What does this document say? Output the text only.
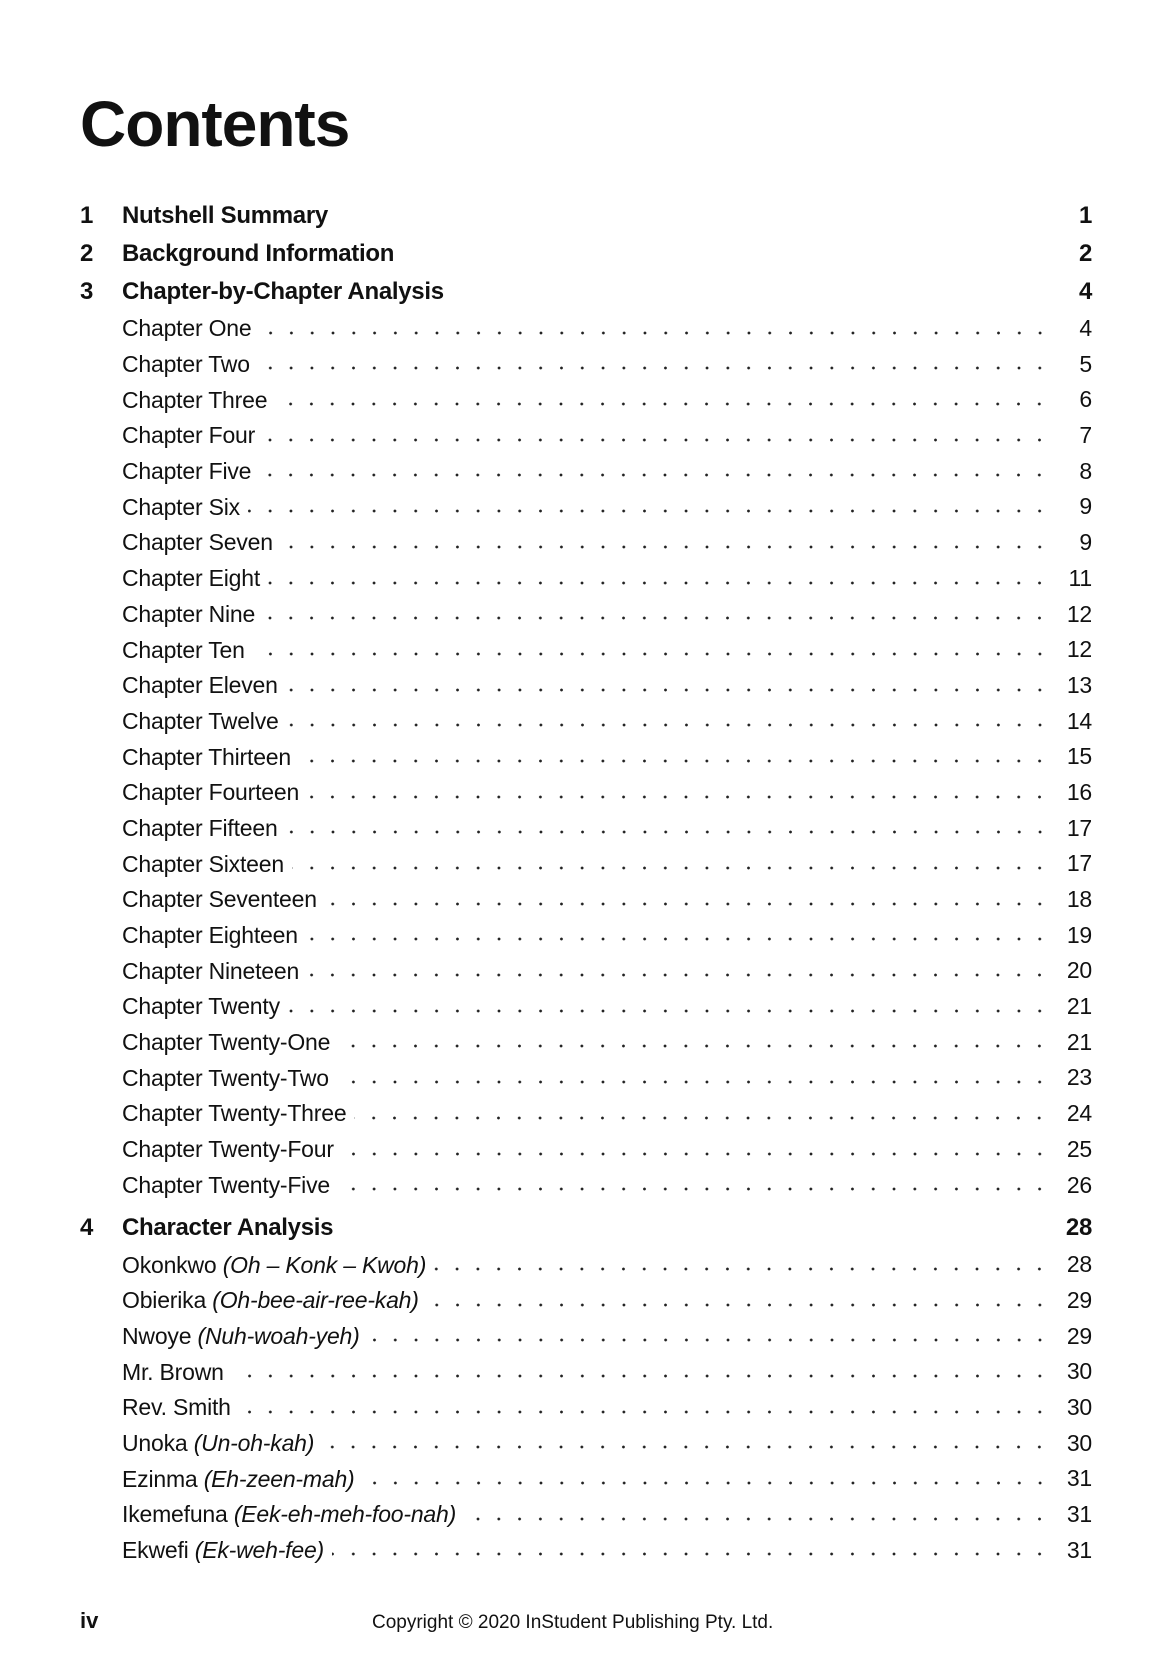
Contents
1 Nutshell Summary	1
2 Background Information	2
3 Chapter-by-Chapter Analysis	4
Chapter One	4
Chapter Two	5
Chapter Three	6
Chapter Four	7
Chapter Five	8
Chapter Six	9
Chapter Seven	9
Chapter Eight	11
Chapter Nine	12
Chapter Ten	12
Chapter Eleven	13
Chapter Twelve	14
Chapter Thirteen	15
Chapter Fourteen	16
Chapter Fifteen	17
Chapter Sixteen	17
Chapter Seventeen	18
Chapter Eighteen	19
Chapter Nineteen	20
Chapter Twenty	21
Chapter Twenty-One	21
Chapter Twenty-Two	23
Chapter Twenty-Three	24
Chapter Twenty-Four	25
Chapter Twenty-Five	26
4 Character Analysis	28
Okonkwo (Oh – Konk – Kwoh)	28
Obierika (Oh-bee-air-ree-kah)	29
Nwoye (Nuh-woah-yeh)	29
Mr. Brown	30
Rev. Smith	30
Unoka (Un-oh-kah)	30
Ezinma (Eh-zeen-mah)	31
Ikemefuna (Eek-eh-meh-foo-nah)	31
Ekwefi (Ek-weh-fee)	31
iv	Copyright © 2020 InStudent Publishing Pty. Ltd.
